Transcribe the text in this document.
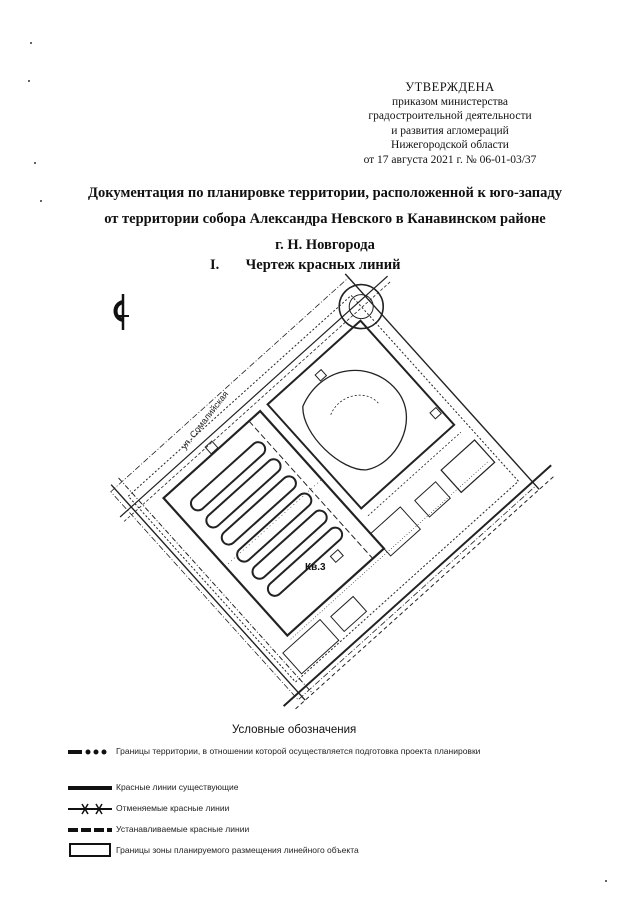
УТВЕРЖДЕНА
приказом министерства
градостроительной деятельности
и развития агломераций
Нижегородской области
от 17 августа 2021 г. № 06-01-03/37
Документация по планировке территории, расположенной к юго-западу
от территории собора Александра Невского в Канавинском районе
г. Н. Новгорода
I. Чертеж красных линий
ул. Сомалийская
Кв.3
Условные обозначения
Границы территории, в отношении которой осуществляется подготовка проекта планировки
Красные линии существующие
Отменяемые красные линии
Устанавливаемые красные линии
Границы зоны планируемого размещения линейного объекта
